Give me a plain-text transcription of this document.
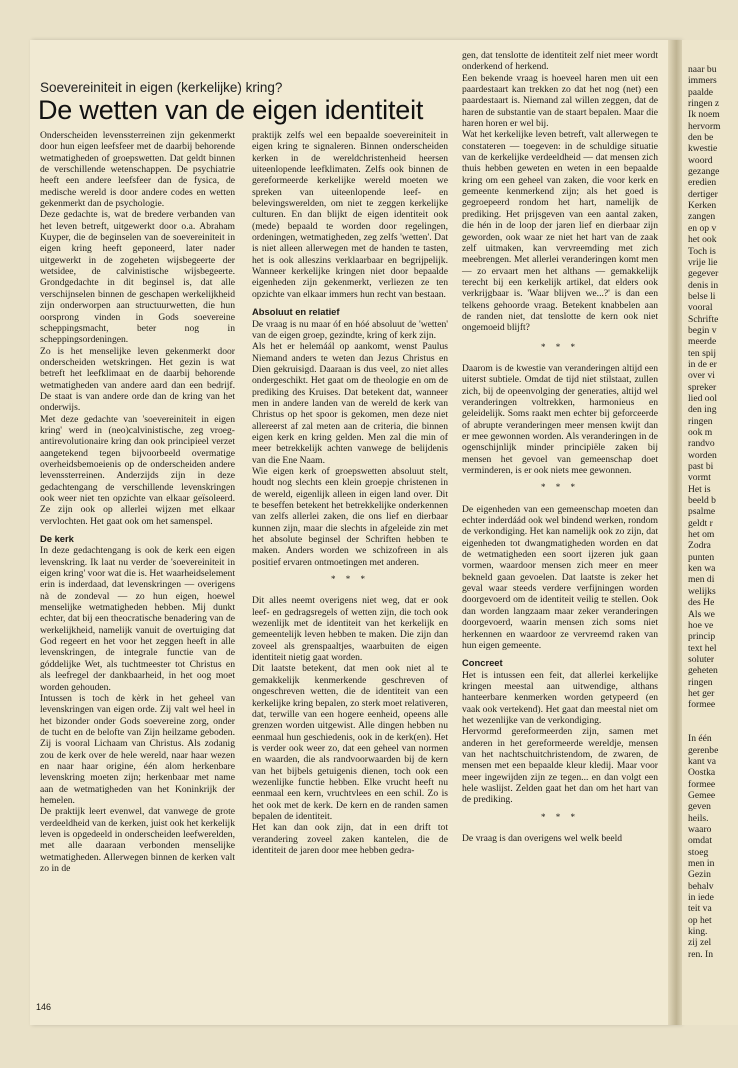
Soevereiniteit in eigen (kerkelijke) kring?
De wetten van de eigen identiteit

Onderscheiden levenssterreinen zijn gekenmerkt door hun eigen leefsfeer met de daarbij behorende wetmatigheden of groepswetten. Dat geldt binnen de verschillende wetenschappen. De psychiatrie heeft een andere leefsfeer dan de fysica, de medische wereld is door andere codes en wetten gekenmerkt dan de psychologie.

Deze gedachte is, wat de bredere verbanden van het leven betreft, uitgewerkt door o.a. Abraham Kuyper, die de beginselen van de soevereiniteit in eigen kring heeft geponeerd, later nader uitgewerkt in de zogeheten wijsbegeerte der wetsidee, de calvinistische wijsbegeerte. Grondgedachte in dit beginsel is, dat alle verschijnselen binnen de geschapen werkelijkheid zijn onderworpen aan structuurwetten, die hun oorsprong vinden in Gods soevereine scheppingsmacht, beter nog in scheppingsordeningen.

Zo is het menselijke leven gekenmerkt door onderscheiden wetskringen. Het gezin is wat betreft het leefklimaat en de daarbij behorende wetmatigheden van andere aard dan een bedrijf. De staat is van andere orde dan de kring van het onderwijs.

Met deze gedachte van 'soevereiniteit in eigen kring' werd in (neo)calvinistische, zeg vroeg-antirevolutionaire kring dan ook principieel verzet aangetekend tegen bijvoorbeeld overmatige overheidsbemoeienis op de onderscheiden andere levenssterreinen. Anderzijds zijn in deze gedachtengang de verschillende levenskringen ook weer niet ten opzichte van elkaar geïsoleerd. Ze zijn ook op allerlei wijzen met elkaar vervlochten. Het gaat ook om het samenspel.

De kerk

In deze gedachtengang is ook de kerk een eigen levenskring. Ik laat nu verder de 'soevereiniteit in eigen kring' voor wat die is. Het waarheidselement erin is inderdaad, dat levenskringen — overigens nà de zondeval — zo hun eigen, hoewel menselijke wetmatigheden hebben. Mij dunkt echter, dat bij een theocratische benadering van de werkelijkheid, namelijk vanuit de overtuiging dat God regeert en het voor het zeggen heeft in alle levenskringen, de integrale functie van de góddelijke Wet, als tuchtmeester tot Christus en als leefregel der dankbaarheid, in het oog moet worden gehouden.

Intussen is toch de kèrk in het geheel van levenskringen van eigen orde. Zij valt wel heel in het bizonder onder Gods soevereine zorg, onder de tucht en de belofte van Zijn heilzame geboden. Zij is vooral Lichaam van Christus. Als zodanig zou de kerk over de hele wereld, naar haar wezen en naar haar origine, één alom herkenbare levenskring moeten zijn; herkenbaar met name aan de wetmatigheden van het Koninkrijk der hemelen.

De praktijk leert evenwel, dat vanwege de grote verdeeldheid van de kerken, juist ook het kerkelijk leven is opgedeeld in onderscheiden leefwerelden, met alle daaraan verbonden menselijke wetmatigheden. Allerwegen binnen de kerken valt zo in de

praktijk zelfs wel een bepaalde soevereiniteit in eigen kring te signaleren. Binnen onderscheiden kerken in de wereldchristenheid heersen uiteenlopende leefklimaten. Zelfs ook binnen de gereformeerde kerkelijke wereld moeten we spreken van uiteenlopende leef- en belevingswerelden, om niet te zeggen kerkelijke culturen. En dan blijkt de eigen identiteit ook (mede) bepaald te worden door regelingen, ordeningen, wetmatigheden, zeg zelfs 'wetten'. Dat is niet alleen allerwegen met de handen te tasten, het is ook alleszins verklaarbaar en begrijpelijk. Wanneer kerkelijke kringen niet door bepaalde eigenheden zijn gekenmerkt, verliezen ze ten opzichte van elkaar immers hun recht van bestaan.

Absoluut en relatief

De vraag is nu maar óf en hóé absoluut de 'wetten' van de eigen groep, gezindte, kring of kerk zijn.

Als het er helemáál op aankomt, wenst Paulus Niemand anders te weten dan Jezus Christus en Dien gekruisigd. Daaraan is dus veel, zo niet alles ondergeschikt. Het gaat om de theologie en om de prediking des Kruises. Dat betekent dat, wanneer men in andere landen van de wereld de kerk van Christus op het spoor is gekomen, men deze niet allereerst af zal meten aan de criteria, die binnen eigen kerk en kring gelden. Men zal die min of meer betrekkelijk achten vanwege de belijdenis van die Ene Naam.

Wie eigen kerk of groepswetten absoluut stelt, houdt nog slechts een klein groepje christenen in de wereld, eigenlijk alleen in eigen land over. Dit te beseffen betekent het betrekkelijke onderkennen van zelfs allerlei zaken, die ons lief en dierbaar kunnen zijn, maar die slechts in afgeleide zin met het absolute beginsel der Schriften hebben te maken. Anders worden we schizofreen in als positief ervaren ontmoetingen met anderen.

* * *

Dit alles neemt overigens niet weg, dat er ook leef- en gedragsregels of wetten zijn, die toch ook wezenlijk met de identiteit van het kerkelijk en gemeentelijk leven hebben te maken. Die zijn dan zoveel als grenspaaltjes, waarbuiten de eigen identiteit nietig gaat worden.

Dit laatste betekent, dat men ook niet al te gemakkelijk kenmerkende geschreven of ongeschreven wetten, die de identiteit van een kerkelijke kring bepalen, zo sterk moet relativeren, dat, terwille van een hogere eenheid, opeens alle grenzen worden uitgewist. Alle dingen hebben nu eenmaal hun geschiedenis, ook in de kerk(en). Het is verder ook weer zo, dat een geheel van normen en waarden, die als randvoorwaarden bij de kern van het bijbels getuigenis dienen, toch ook een wezenlijke functie hebben. Elke vrucht heeft nu eenmaal een kern, vruchtvlees en een schil. Zo is het ook met de kerk. De kern en de randen samen bepalen de identiteit.

Het kan dan ook zijn, dat in een drift tot verandering zoveel zaken kantelen, die de identiteit de jaren door mee hebben gedra-

gen, dat tenslotte de identiteit zelf niet meer wordt onderkend of herkend.

Een bekende vraag is hoeveel haren men uit een paardestaart kan trekken zo dat het nog (net) een paardestaart is. Niemand zal willen zeggen, dat de haren de substantie van de staart bepalen. Maar die haren horen er wel bij.

Wat het kerkelijke leven betreft, valt allerwegen te constateren — toegeven: in de schuldige situatie van de kerkelijke verdeeldheid — dat mensen zich thuis hebben geweten en weten in een bepaalde kring om een geheel van zaken, die voor kerk en gemeente kenmerkend zijn; als het goed is gegroepeerd rondom het hart, namelijk de prediking. Het prijsgeven van een aantal zaken, die hén in de loop der jaren lief en dierbaar zijn geworden, ook waar ze niet het hart van de zaak zelf uitmaken, kan vervreemding met zich meebrengen. Met allerlei veranderingen komt men — zo ervaart men het althans — gemakkelijk terecht bij een kerkelijk artikel, dat elders ook verkrijgbaar is. 'Waar blijven we...?' is dan een telkens gehoorde vraag. Betekent knabbelen aan de randen niet, dat tenslotte de kern ook niet ongemoeid blijft?

* * *

Daarom is de kwestie van veranderingen altijd een uiterst subtiele. Omdat de tijd niet stilstaat, zullen zich, bij de opeenvolging der generaties, altijd wel veranderingen voltrekken, harmonieus en geleidelijk. Soms raakt men echter bij geforceerde of abrupte veranderingen meer mensen kwijt dan er mee gewonnen worden. Als veranderingen in de ogenschijnlijk minder principiële zaken bij mensen het gevoel van gemeenschap doet verminderen, is er ook niets mee gewonnen.

* * *

De eigenheden van een gemeenschap moeten dan echter inderdáád ook wel bindend werken, rondom de verkondiging. Het kan namelijk ook zo zijn, dat eigenheden tot dwangmatigheden worden en dat de wetmatigheden een soort ijzeren juk gaan vormen, waardoor mensen zich meer en meer bekneld gaan gevoelen. Dat laatste is zeker het geval waar steeds verdere verfijningen worden doorgevoerd om de identiteit veilig te stellen. Ook dan worden langzaam maar zeker veranderingen doorgevoerd, waarin mensen zich soms niet herkennen en waardoor ze vervreemd raken van hun eigen gemeente.

Concreet

Het is intussen een feit, dat allerlei kerkelijke kringen meestal aan uitwendige, althans hanteerbare kenmerken worden getypeerd (en vaak ook vertekend). Het gaat dan meestal niet om het wezenlijke van de verkondiging.

Hervormd gereformeerden zijn, samen met anderen in het gereformeerde wereldje, mensen van het nachtschuitchristendom, de zwaren, de mensen met een bepaalde kleur kledij. Maar voor meer ingewijden zijn ze tegen... en dan volgt een hele waslijst. Zelden gaat het dan om het hart van de prediking.

* * *

De vraag is dan overigens wel welk beeld

146
naar bu
immers
paalde
ringen z
Ik noem
hervorm
den be
kwestie
woord
gezange
eredien
dertiger
Kerken
zangen
en op v
het ook
Toch is
vrije lie
gegever
denis in
belse li
vooral
Schrifte
begin v
meerde
ten spij
in de er
over vi
spreker
lied ool
den ing
ringen
ook m
randvo
worden
past bi
vormt
Het is
beeld b
psalme
geldt r
het om
Zodra
punten
ken wa
men di
welijks
des He
Als we
hoe ve
princip
text hel
soluter
geheten
ringen
het ger
formee

In één
gerenbe
kant va
Oostka
formee
Gemee
geven
heils.
waaro
omdat
stoeg
men in
Gezin
behalv
in iede
teit va
op het
king.
zij zel
ren. In
